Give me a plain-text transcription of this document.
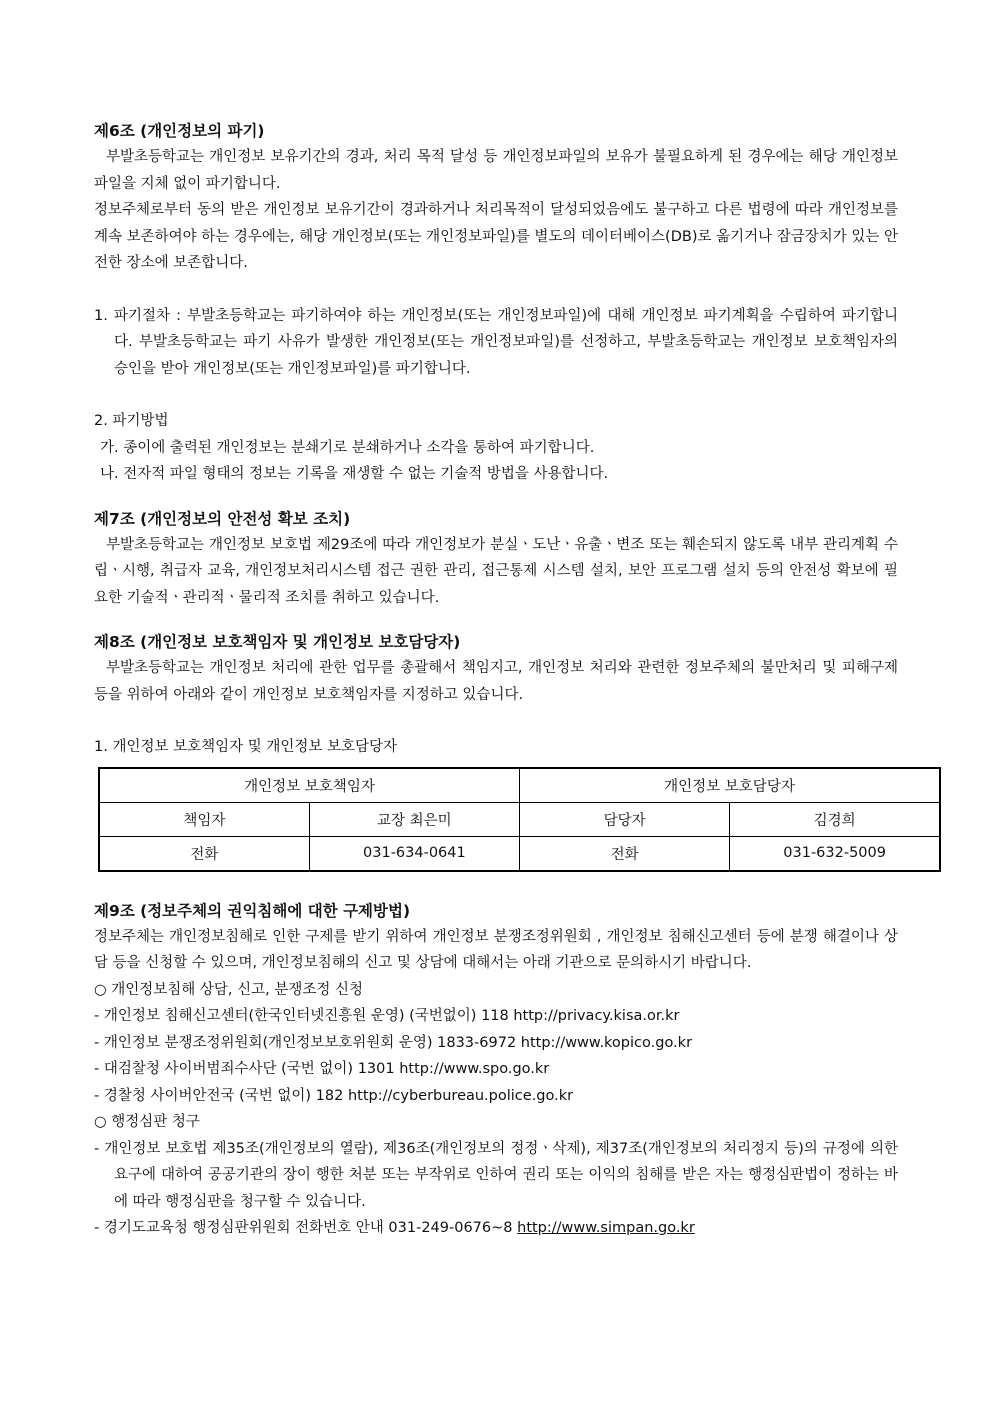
제6조 (개인정보의 파기)

부발초등학교는 개인정보 보유기간의 경과, 처리 목적 달성 등 개인정보파일의 보유가 불필요하게 된 경우에는 해당 개인정보파일을 지체 없이 파기합니다.

정보주체로부터 동의 받은 개인정보 보유기간이 경과하거나 처리목적이 달성되었음에도 불구하고 다른 법령에 따라 개인정보를 계속 보존하여야 하는 경우에는, 해당 개인정보(또는 개인정보파일)를 별도의 데이터베이스(DB)로 옮기거나 잠금장치가 있는 안전한 장소에 보존합니다.

1. 파기절차 : 부발초등학교는 파기하여야 하는 개인정보(또는 개인정보파일)에 대해 개인정보 파기계획을 수립하여 파기합니다. 부발초등학교는 파기 사유가 발생한 개인정보(또는 개인정보파일)를 선정하고, 부발초등학교는 개인정보 보호책임자의 승인을 받아 개인정보(또는 개인정보파일)를 파기합니다.

2. 파기방법

가. 종이에 출력된 개인정보는 분쇄기로 분쇄하거나 소각을 통하여 파기합니다.

나. 전자적 파일 형태의 정보는 기록을 재생할 수 없는 기술적 방법을 사용합니다.

제7조 (개인정보의 안전성 확보 조치)

부발초등학교는 개인정보 보호법 제29조에 따라 개인정보가 분실ㆍ도난ㆍ유출ㆍ변조 또는 훼손되지 않도록 내부 관리계획 수립ㆍ시행, 취급자 교육, 개인정보처리시스템 접근 권한 관리, 접근통제 시스템 설치, 보안 프로그램 설치 등의 안전성 확보에 필요한 기술적ㆍ관리적ㆍ물리적 조치를 취하고 있습니다.

제8조 (개인정보 보호책임자 및 개인정보 보호담당자)

부발초등학교는 개인정보 처리에 관한 업무를 총괄해서 책임지고, 개인정보 처리와 관련한 정보주체의 불만처리 및 피해구제 등을 위하여 아래와 같이 개인정보 보호책임자를 지정하고 있습니다.

1. 개인정보 보호책임자 및 개인정보 보호담당자

개인정보 보호책임자		개인정보 보호담당자	
책임자	교장 최은미	담당자	김경희
전화	031-634-0641	전화	031-632-5009

제9조 (정보주체의 권익침해에 대한 구제방법)

정보주체는 개인정보침해로 인한 구제를 받기 위하여 개인정보 분쟁조정위원회 , 개인정보 침해신고센터 등에 분쟁 해결이나 상담 등을 신청할 수 있으며, 개인정보침해의 신고 및 상담에 대해서는 아래 기관으로 문의하시기 바랍니다.

○ 개인정보침해 상담, 신고, 분쟁조정 신청

- 개인정보 침해신고센터(한국인터넷진흥원 운영) (국번없이) 118 http://privacy.kisa.or.kr

- 개인정보 분쟁조정위원회(개인정보보호위원회 운영) 1833-6972 http://www.kopico.go.kr

- 대검찰청 사이버범죄수사단 (국번 없이) 1301 http://www.spo.go.kr

- 경찰청 사이버안전국 (국번 없이) 182 http://cyberbureau.police.go.kr

○ 행정심판 청구

- 개인정보 보호법 제35조(개인정보의 열람), 제36조(개인정보의 정정ㆍ삭제), 제37조(개인정보의 처리정지 등)의 규정에 의한 요구에 대하여 공공기관의 장이 행한 처분 또는 부작위로 인하여 권리 또는 이익의 침해를 받은 자는 행정심판법이 정하는 바에 따라 행정심판을 청구할 수 있습니다.

- 경기도교육청 행정심판위원회 전화번호 안내 031-249-0676~8 http://www.simpan.go.kr
